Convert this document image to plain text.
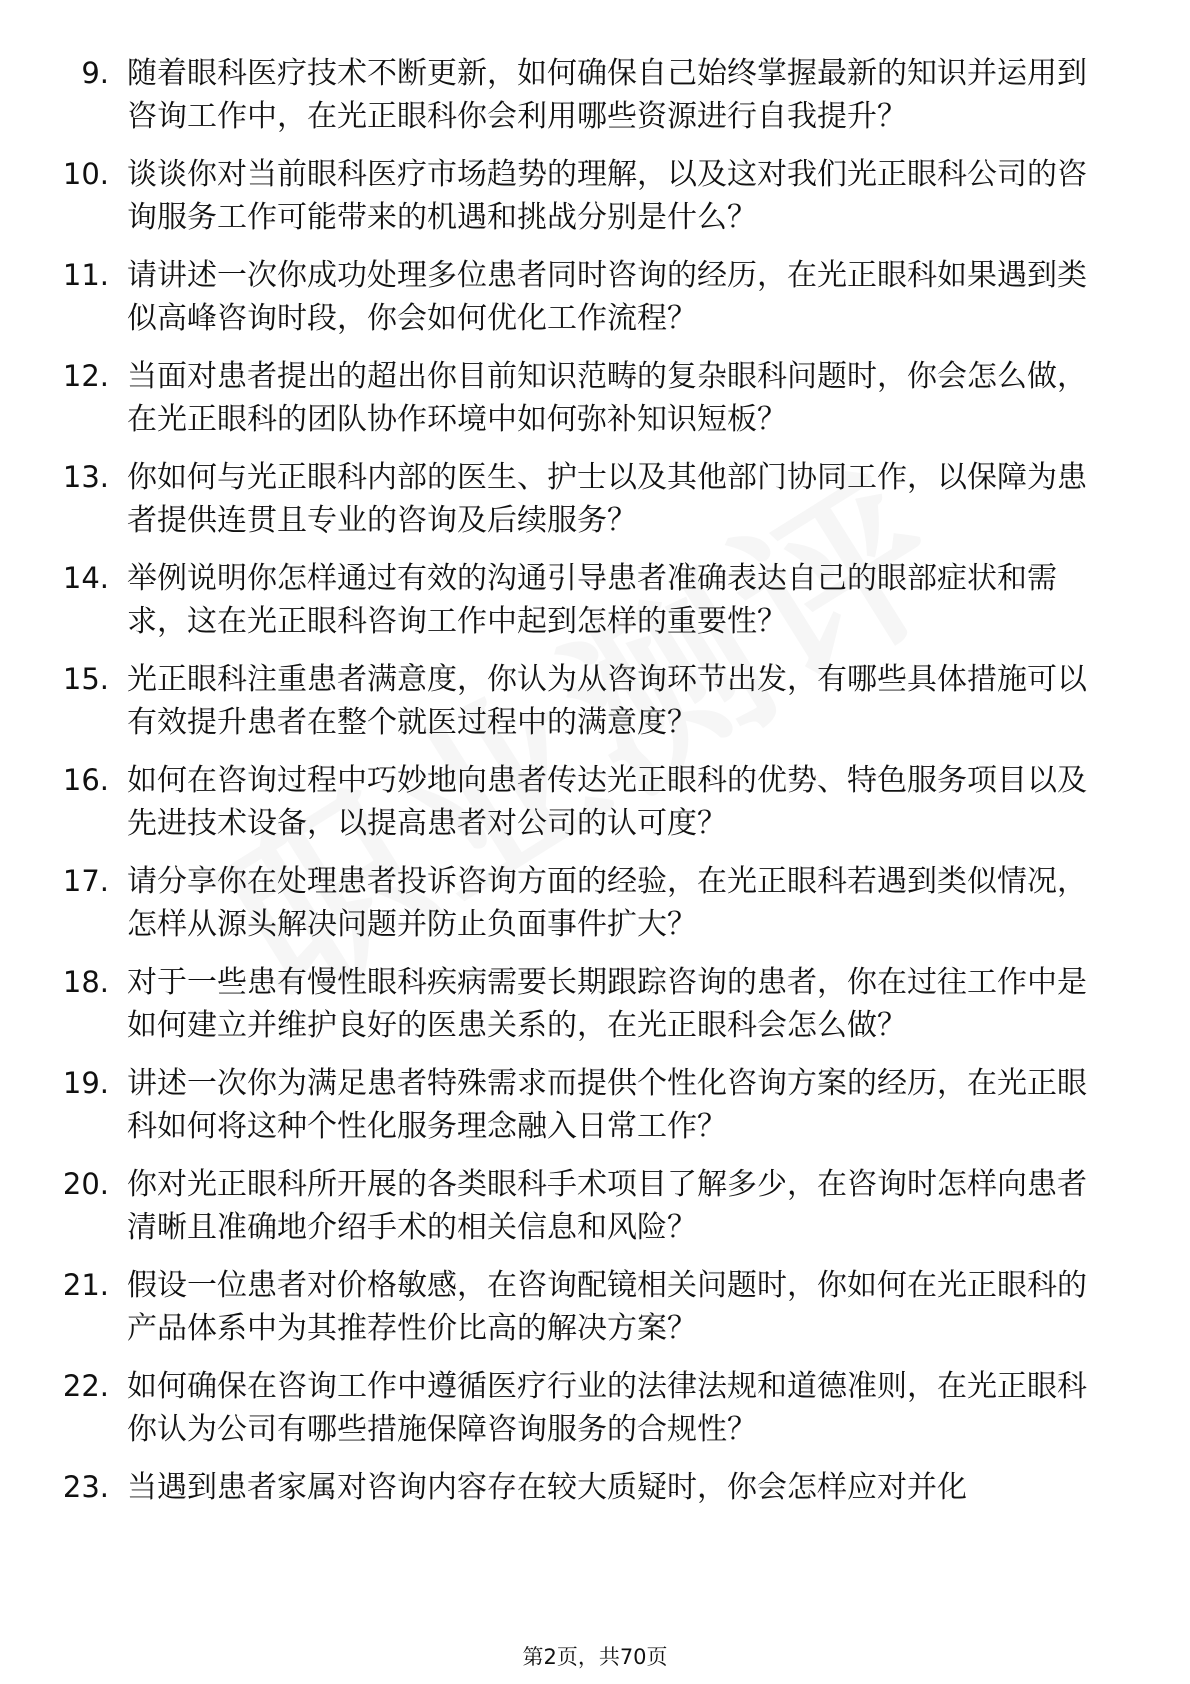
9. 随着眼科医疗技术不断更新，如何确保自己始终掌握最新的知识并运用到咨询工作中，在光正眼科你会利用哪些资源进行自我提升？
10. 谈谈你对当前眼科医疗市场趋势的理解，以及这对我们光正眼科公司的咨询服务工作可能带来的机遇和挑战分别是什么？
11. 请讲述一次你成功处理多位患者同时咨询的经历，在光正眼科如果遇到类似高峰咨询时段，你会如何优化工作流程？
12. 当面对患者提出的超出你目前知识范畴的复杂眼科问题时，你会怎么做，在光正眼科的团队协作环境中如何弥补知识短板？
13. 你如何与光正眼科内部的医生、护士以及其他部门协同工作，以保障为患者提供连贯且专业的咨询及后续服务？
14. 举例说明你怎样通过有效的沟通引导患者准确表达自己的眼部症状和需求，这在光正眼科咨询工作中起到怎样的重要性？
15. 光正眼科注重患者满意度，你认为从咨询环节出发，有哪些具体措施可以有效提升患者在整个就医过程中的满意度？
16. 如何在咨询过程中巧妙地向患者传达光正眼科的优势、特色服务项目以及先进技术设备，以提高患者对公司的认可度？
17. 请分享你在处理患者投诉咨询方面的经验，在光正眼科若遇到类似情况，怎样从源头解决问题并防止负面事件扩大？
18. 对于一些患有慢性眼科疾病需要长期跟踪咨询的患者，你在过往工作中是如何建立并维护良好的医患关系的，在光正眼科会怎么做？
19. 讲述一次你为满足患者特殊需求而提供个性化咨询方案的经历，在光正眼科如何将这种个性化服务理念融入日常工作？
20. 你对光正眼科所开展的各类眼科手术项目了解多少，在咨询时怎样向患者清晰且准确地介绍手术的相关信息和风险？
21. 假设一位患者对价格敏感，在咨询配镜相关问题时，你如何在光正眼科的产品体系中为其推荐性价比高的解决方案？
22. 如何确保在咨询工作中遵循医疗行业的法律法规和道德准则，在光正眼科你认为公司有哪些措施保障咨询服务的合规性？
23. 当遇到患者家属对咨询内容存在较大质疑时，你会怎样应对并化
第2页，共70页
